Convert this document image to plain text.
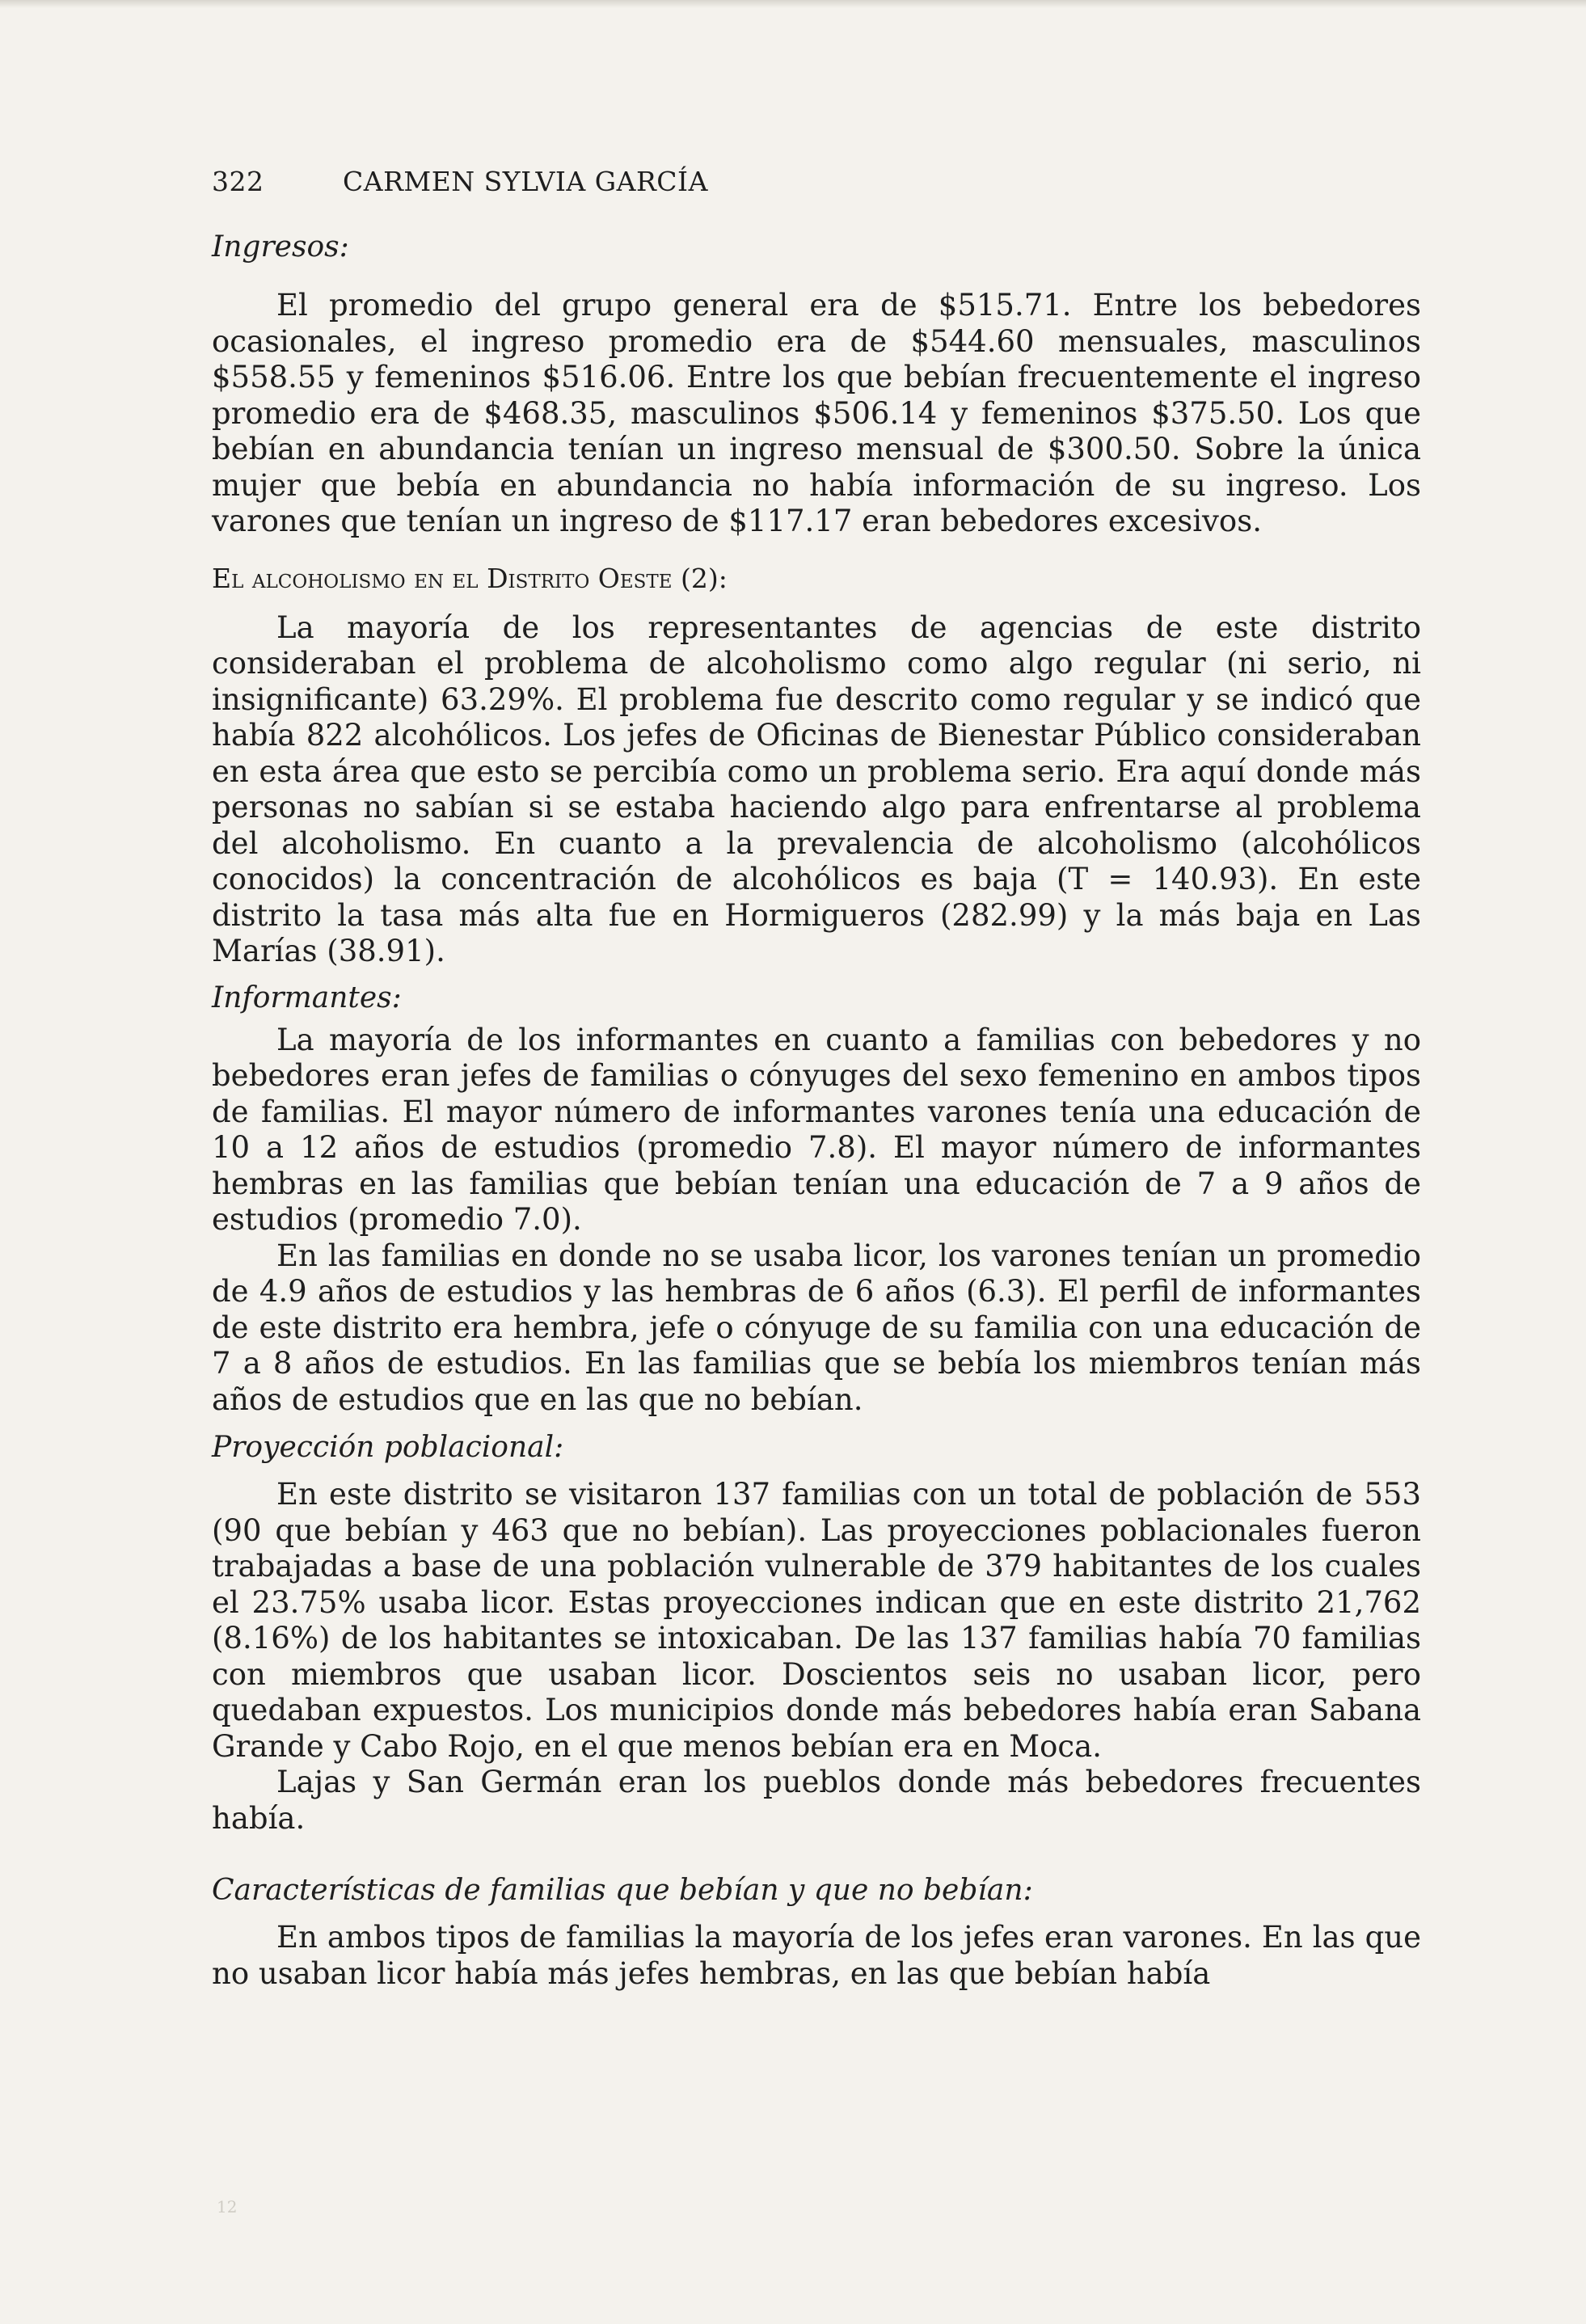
322	CARMEN SYLVIA GARCÍA
Ingresos:

El promedio del grupo general era de $515.71. Entre los bebedores ocasionales, el ingreso promedio era de $544.60 mensuales, masculinos $558.55 y femeninos $516.06. Entre los que bebían frecuentemente el ingreso promedio era de $468.35, masculinos $506.14 y femeninos $375.50. Los que bebían en abundancia tenían un ingreso mensual de $300.50. Sobre la única mujer que bebía en abundancia no había información de su ingreso. Los varones que tenían un ingreso de $117.17 eran bebedores excesivos.

El alcoholismo en el Distrito Oeste (2):

La mayoría de los representantes de agencias de este distrito consideraban el problema de alcoholismo como algo regular (ni serio, ni insignificante) 63.29%. El problema fue descrito como regular y se indicó que había 822 alcohólicos. Los jefes de Oficinas de Bienestar Público consideraban en esta área que esto se percibía como un problema serio. Era aquí donde más personas no sabían si se estaba haciendo algo para enfrentarse al problema del alcoholismo. En cuanto a la prevalencia de alcoholismo (alcohólicos conocidos) la concentración de alcohólicos es baja (T = 140.93). En este distrito la tasa más alta fue en Hormigueros (282.99) y la más baja en Las Marías (38.91).

Informantes:

La mayoría de los informantes en cuanto a familias con bebedores y no bebedores eran jefes de familias o cónyuges del sexo femenino en ambos tipos de familias. El mayor número de informantes varones tenía una educación de 10 a 12 años de estudios (promedio 7.8). El mayor número de informantes hembras en las familias que bebían tenían una educación de 7 a 9 años de estudios (promedio 7.0).

En las familias en donde no se usaba licor, los varones tenían un promedio de 4.9 años de estudios y las hembras de 6 años (6.3). El perfil de informantes de este distrito era hembra, jefe o cónyuge de su familia con una educación de 7 a 8 años de estudios. En las familias que se bebía los miembros tenían más años de estudios que en las que no bebían.

Proyección poblacional:

En este distrito se visitaron 137 familias con un total de población de 553 (90 que bebían y 463 que no bebían). Las proyecciones poblacionales fueron trabajadas a base de una población vulnerable de 379 habitantes de los cuales el 23.75% usaba licor. Estas proyecciones indican que en este distrito 21,762 (8.16%) de los habitantes se intoxicaban. De las 137 familias había 70 familias con miembros que usaban licor. Doscientos seis no usaban licor, pero quedaban expuestos. Los municipios donde más bebedores había eran Sabana Grande y Cabo Rojo, en el que menos bebían era en Moca.

Lajas y San Germán eran los pueblos donde más bebedores frecuentes había.

Características de familias que bebían y que no bebían:

En ambos tipos de familias la mayoría de los jefes eran varones. En las que no usaban licor había más jefes hembras, en las que bebían había

12
